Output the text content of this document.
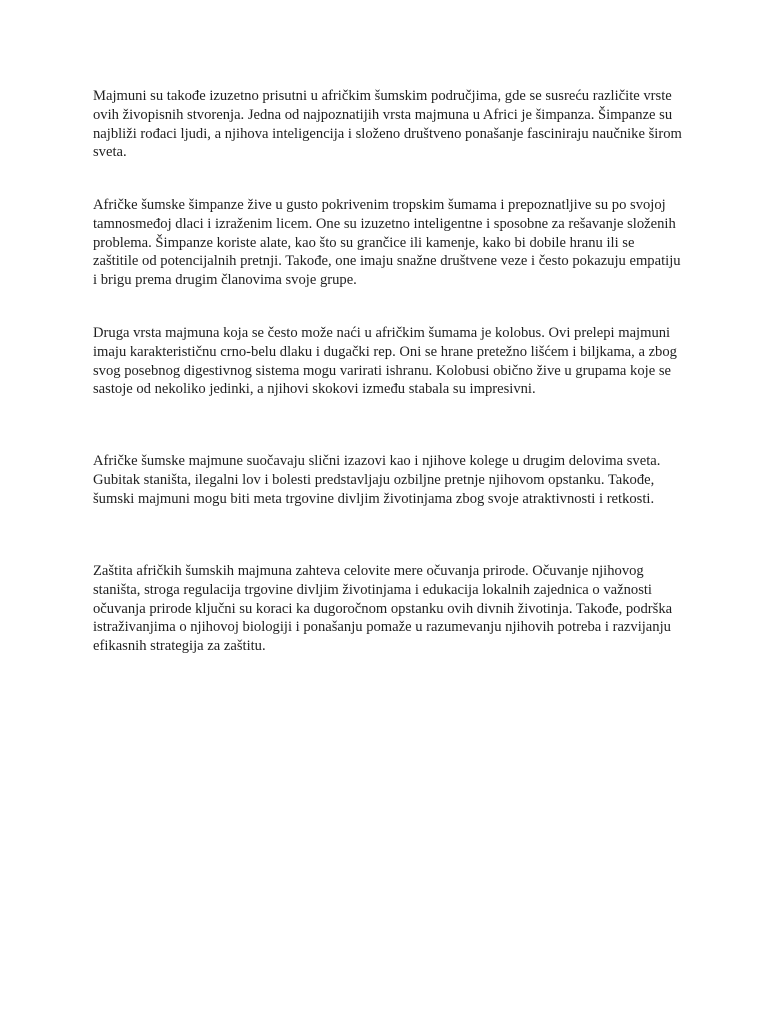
Majmuni su takođe izuzetno prisutni u afričkim šumskim područjima, gde se susreću različite vrste ovih živopisnih stvorenja. Jedna od najpoznatijih vrsta majmuna u Africi je šimpanza. Šimpanze su najbliži rođaci ljudi, a njihova inteligencija i složeno društveno ponašanje fasciniraju naučnike širom sveta.

Afričke šumske šimpanze žive u gusto pokrivenim tropskim šumama i prepoznatljive su po svojoj tamnosmeđoj dlaci i izraženim licem. One su izuzetno inteligentne i sposobne za rešavanje složenih problema. Šimpanze koriste alate, kao što su grančice ili kamenje, kako bi dobile hranu ili se zaštitile od potencijalnih pretnji. Takođe, one imaju snažne društvene veze i često pokazuju empatiju i brigu prema drugim članovima svoje grupe.

Druga vrsta majmuna koja se često može naći u afričkim šumama je kolobus. Ovi prelepi majmuni imaju karakterističnu crno-belu dlaku i dugački rep. Oni se hrane pretežno lišćem i biljkama, a zbog svog posebnog digestivnog sistema mogu varirati ishranu. Kolobusi obično žive u grupama koje se sastoje od nekoliko jedinki, a njihovi skokovi između stabala su impresivni.

Afričke šumske majmune suočavaju slični izazovi kao i njihove kolege u drugim delovima sveta. Gubitak staništa, ilegalni lov i bolesti predstavljaju ozbiljne pretnje njihovom opstanku. Takođe, šumski majmuni mogu biti meta trgovine divljim životinjama zbog svoje atraktivnosti i retkosti.

Zaštita afričkih šumskih majmuna zahteva celovite mere očuvanja prirode. Očuvanje njihovog staništa, stroga regulacija trgovine divljim životinjama i edukacija lokalnih zajednica o važnosti očuvanja prirode ključni su koraci ka dugoročnom opstanku ovih divnih životinja. Takođe, podrška istraživanjima o njihovoj biologiji i ponašanju pomaže u razumevanju njihovih potreba i razvijanju efikasnih strategija za zaštitu.
